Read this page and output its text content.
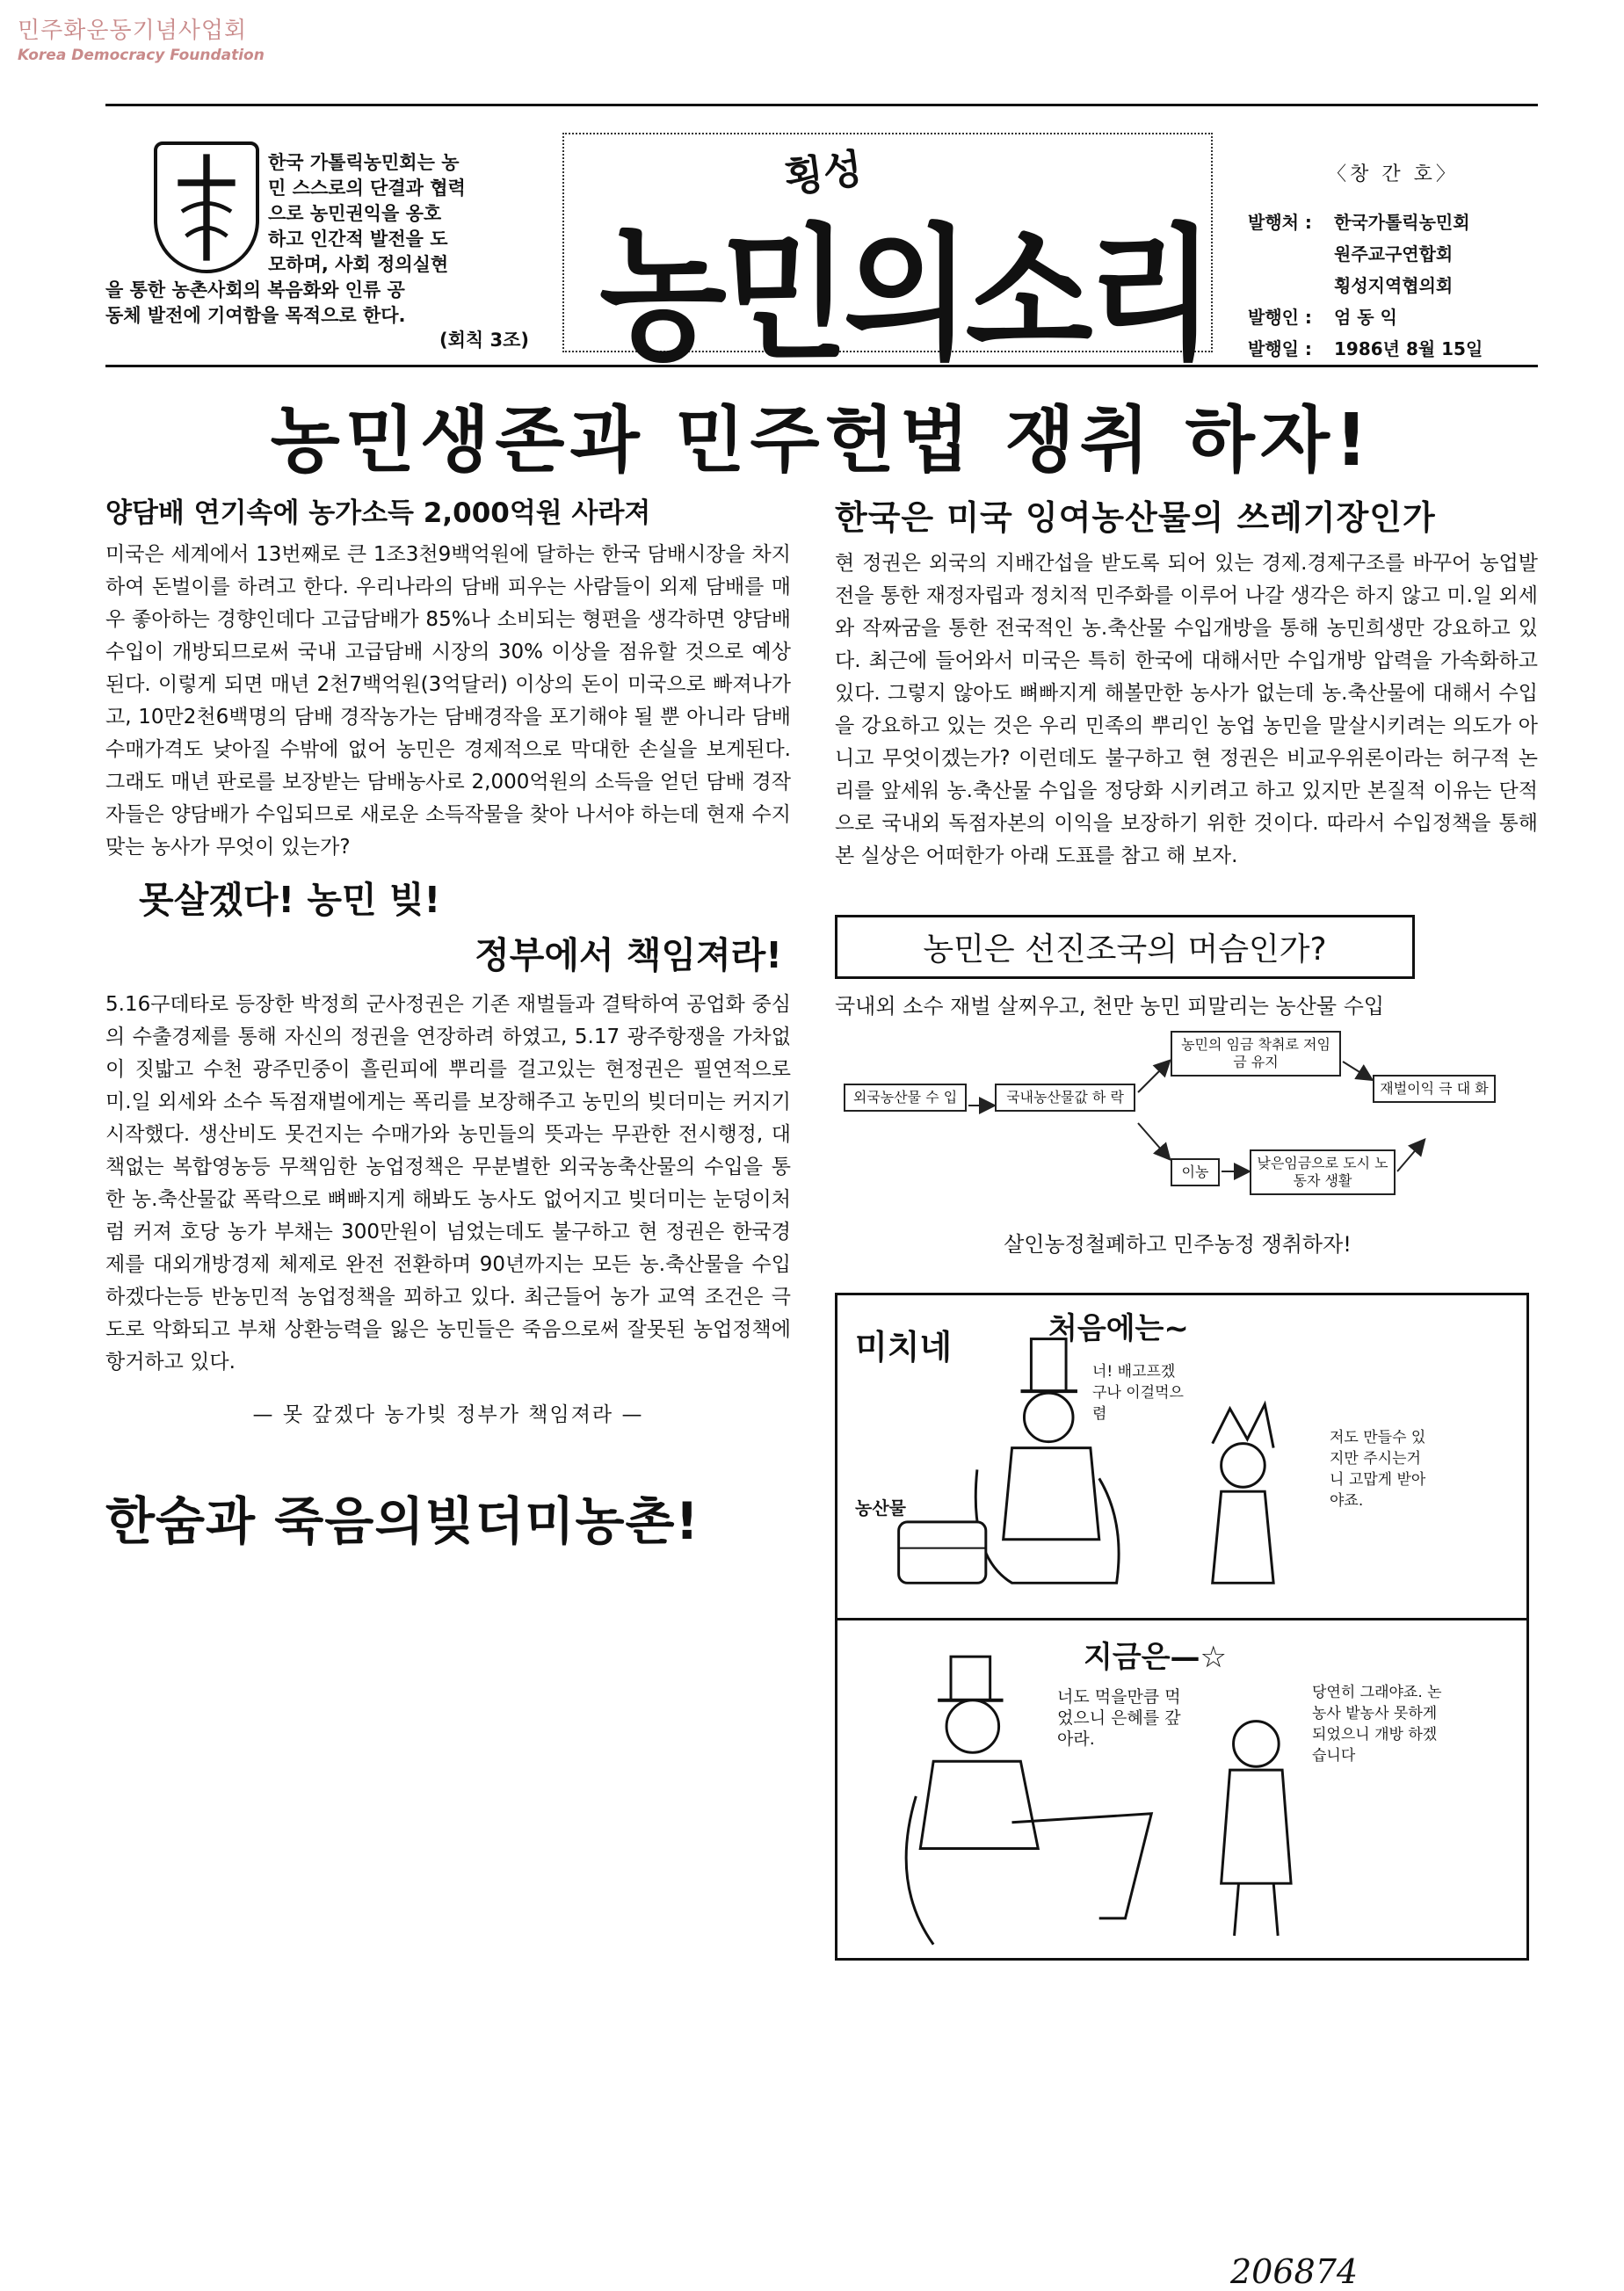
민주화운동기념사업회
Korea Democracy Foundation
한국 가톨릭농민회는 농
민 스스로의 단결과 협력
으로 농민권익을 옹호
하고 인간적 발전을 도
모하며, 사회 정의실현
을 통한 농촌사회의 복음화와 인류 공
동체 발전에 기여함을 목적으로 한다.
(회칙 3조)
횡성
농민의소리
〈창 간 호〉
발행처 :	한국가톨릭농민회
원주교구연합회
횡성지역협의회
발행인 :	엄 동 익
발행일 :	1986년 8월 15일
농민생존과 민주헌법 쟁취 하자!
양담배 연기속에 농가소득 2,000억원 사라져
미국은 세계에서 13번째로 큰 1조3천9백억원에 달하는 한국 담배시장을 차지하여 돈벌이를 하려고 한다. 우리나라의 담배 피우는 사람들이 외제 담배를 매우 좋아하는 경향인데다 고급담배가 85%나 소비되는 형편을 생각하면 양담배 수입이 개방되므로써 국내 고급담배 시장의 30% 이상을 점유할 것으로 예상된다. 이렇게 되면 매년 2천7백억원(3억달러) 이상의 돈이 미국으로 빠져나가고, 10만2천6백명의 담배 경작농가는 담배경작을 포기해야 될 뿐 아니라 담배 수매가격도 낮아질 수밖에 없어 농민은 경제적으로 막대한 손실을 보게된다. 그래도 매년 판로를 보장받는 담배농사로 2,000억원의 소득을 얻던 담배 경작자들은 양담배가 수입되므로 새로운 소득작물을 찾아 나서야 하는데 현재 수지 맞는 농사가 무엇이 있는가?
못살겠다! 농민 빚!
정부에서 책임져라!
5.16구데타로 등장한 박정희 군사정권은 기존 재벌들과 결탁하여 공업화 중심의 수출경제를 통해 자신의 정권을 연장하려 하였고, 5.17 광주항쟁을 가차없이 짓밟고 수천 광주민중이 흘린피에 뿌리를 걸고있는 현정권은 필연적으로 미.일 외세와 소수 독점재벌에게는 폭리를 보장해주고 농민의 빚더미는 커지기 시작했다. 생산비도 못건지는 수매가와 농민들의 뜻과는 무관한 전시행정, 대책없는 복합영농등 무책임한 농업정책은 무분별한 외국농축산물의 수입을 통한 농.축산물값 폭락으로 뼈빠지게 해봐도 농사도 없어지고 빚더미는 눈덩이처럼 커져 호당 농가 부채는 300만원이 넘었는데도 불구하고 현 정권은 한국경제를 대외개방경제 체제로 완전 전환하며 90년까지는 모든 농.축산물을 수입하겠다는등 반농민적 농업정책을 꾀하고 있다. 최근들어 농가 교역 조건은 극도로 악화되고 부채 상환능력을 잃은 농민들은 죽음으로써 잘못된 농업정책에 항거하고 있다.
— 못 갚겠다 농가빚 정부가 책임져라 —
한숨과 죽음의빚더미농촌!
한국은 미국 잉여농산물의 쓰레기장인가
현 정권은 외국의 지배간섭을 받도록 되어 있는 경제.경제구조를 바꾸어 농업발전을 통한 재정자립과 정치적 민주화를 이루어 나갈 생각은 하지 않고 미.일 외세와 작짜굼을 통한 전국적인 농.축산물 수입개방을 통해 농민희생만 강요하고 있다. 최근에 들어와서 미국은 특히 한국에 대해서만 수입개방 압력을 가속화하고 있다. 그렇지 않아도 뼈빠지게 해볼만한 농사가 없는데 농.축산물에 대해서 수입을 강요하고 있는 것은 우리 민족의 뿌리인 농업 농민을 말살시키려는 의도가 아니고 무엇이겠는가? 이런데도 불구하고 현 정권은 비교우위론이라는 허구적 논리를 앞세워 농.축산물 수입을 정당화 시키려고 하고 있지만 본질적 이유는 단적으로 국내외 독점자본의 이익을 보장하기 위한 것이다. 따라서 수입정책을 통해본 실상은 어떠한가 아래 도표를 참고 해 보자.
농민은 선진조국의 머슴인가?
국내외 소수 재벌 살찌우고, 천만 농민 피말리는 농산물 수입
외국농산물 수 입	국내농산물값 하 락
농민의 임금 착취로 저임금 유지
재벌이익 극 대 화
이농
낮은임금으로 도시 노동자 생활
살인농정철폐하고 민주농정 쟁취하자!
미치네	처음에는~
너! 배고프겠구나 이걸먹으렴
저도 만들수 있지만 주시는거니 고맙게 받아야죠.
농산물
지금은—☆
너도 먹을만큼 먹었으니 은혜를 갚아라.
당연히 그래야죠. 논농사 밭농사 못하게 되었으니 개방 하겠습니다
206874
